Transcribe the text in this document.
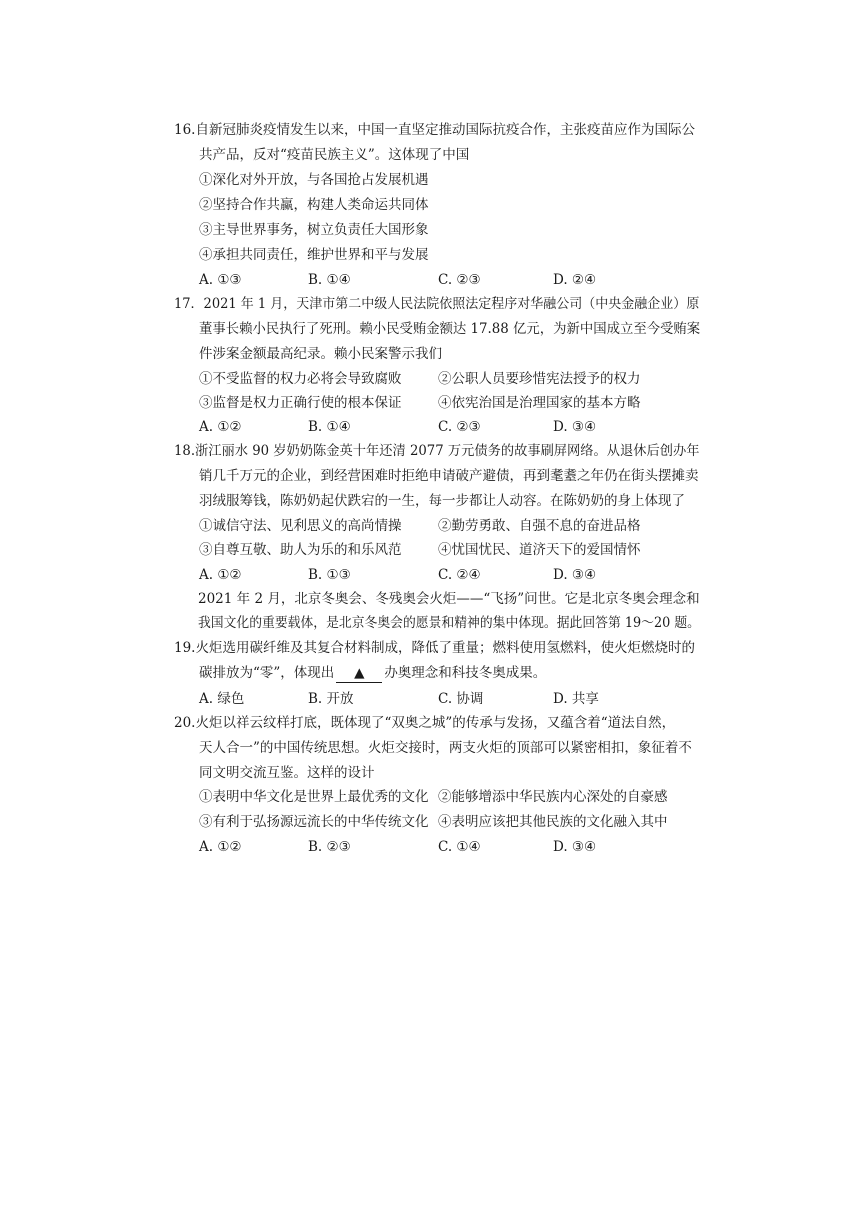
16.自新冠肺炎疫情发生以来，中国一直坚定推动国际抗疫合作，主张疫苗应作为国际公
共产品，反对“疫苗民族主义”。这体现了中国
①深化对外开放，与各国抢占发展机遇
②坚持合作共赢，构建人类命运共同体
③主导世界事务，树立负责任大国形象
④承担共同责任，维护世界和平与发展
A. ①③	B. ①④	C. ②③	D. ②④
17．2021 年 1 月，天津市第二中级人民法院依照法定程序对华融公司（中央金融企业）原
董事长赖小民执行了死刑。赖小民受贿金额达 17.88 亿元，为新中国成立至今受贿案
件涉案金额最高纪录。赖小民案警示我们
①不受监督的权力必将会导致腐败	②公职人员要珍惜宪法授予的权力
③监督是权力正确行使的根本保证	④依宪治国是治理国家的基本方略
A. ①②	B. ①④	C. ②③	D. ③④
18.浙江丽水 90 岁奶奶陈金英十年还清 2077 万元债务的故事刷屏网络。从退休后创办年
销几千万元的企业，到经营困难时拒绝申请破产避债，再到耄耋之年仍在街头摆摊卖
羽绒服筹钱，陈奶奶起伏跌宕的一生，每一步都让人动容。在陈奶奶的身上体现了
①诚信守法、见利思义的高尚情操	②勤劳勇敢、自强不息的奋进品格
③自尊互敬、助人为乐的和乐风范	④忧国忧民、道济天下的爱国情怀
A. ①②	B. ①③	C. ②④	D. ③④
2021 年 2 月，北京冬奥会、冬残奥会火炬——“飞扬”问世。它是北京冬奥会理念和
我国文化的重要载体，是北京冬奥会的愿景和精神的集中体现。据此回答第 19～20 题。
19.火炬选用碳纤维及其复合材料制成，降低了重量；燃料使用氢燃料，使火炬燃烧时的
碳排放为“零”，体现出 ▲ 办奥理念和科技冬奥成果。
A. 绿色	B. 开放	C. 协调	D. 共享
20.火炬以祥云纹样打底，既体现了“双奥之城”的传承与发扬，又蕴含着“道法自然，
天人合一”的中国传统思想。火炬交接时，两支火炬的顶部可以紧密相扣，象征着不
同文明交流互鉴。这样的设计
①表明中华文化是世界上最优秀的文化 ②能够增添中华民族内心深处的自豪感
③有利于弘扬源远流长的中华传统文化 ④表明应该把其他民族的文化融入其中
A. ①②	B. ②③	C. ①④	D. ③④
